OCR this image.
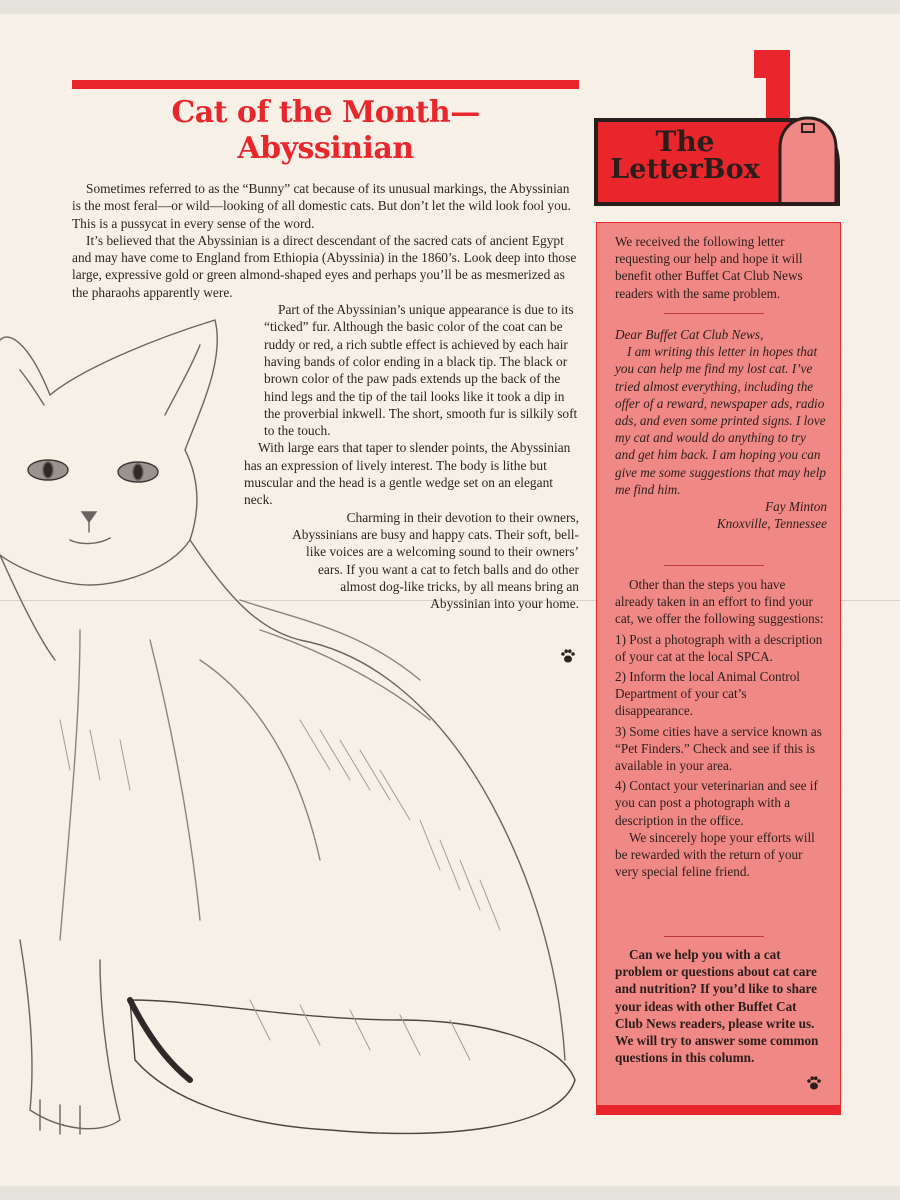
Cat of the Month—
Abyssinian

Sometimes referred to as the “Bunny” cat because of its unusual markings, the Abyssinian is the most feral—or wild—looking of all domestic cats. But don’t let the wild look fool you. This is a pussycat in every sense of the word.

It’s believed that the Abyssinian is a direct descendant of the sacred cats of ancient Egypt and may have come to England from Ethiopia (Abyssinia) in the 1860’s. Look deep into those large, expressive gold or green almond-shaped eyes and perhaps you’ll be as mesmerized as the pharaohs apparently were.

Part of the Abyssinian’s unique appearance is due to its “ticked” fur. Although the basic color of the coat can be ruddy or red, a rich subtle effect is achieved by each hair having bands of color ending in a black tip. The black or brown color of the paw pads extends up the back of the hind legs and the tip of the tail looks like it took a dip in the proverbial inkwell. The short, smooth fur is silkily soft to the touch.

With large ears that taper to slender points, the Abyssinian has an expression of lively interest. The body is lithe but muscular and the head is a gentle wedge set on an elegant neck.

Charming in their devotion to their owners, Abyssinians are busy and happy cats. Their soft, bell-like voices are a welcoming sound to their owners’ ears. If you want a cat to fetch balls and do other almost dog-like tricks, by all means bring an Abyssinian into your home.

The
LetterBox
We received the following letter requesting our help and hope it will benefit other Buffet Cat Club News readers with the same problem.

Dear Buffet Cat Club News,

I am writing this letter in hopes that you can help me find my lost cat. I’ve tried almost everything, including the offer of a reward, newspaper ads, radio ads, and even some printed signs. I love my cat and would do anything to try and get him back. I am hoping you can give me some suggestions that may help me find him.

Fay Minton

Knoxville, Tennessee

Other than the steps you have already taken in an effort to find your cat, we offer the following suggestions:

1) Post a photograph with a description of your cat at the local SPCA.

2) Inform the local Animal Control Department of your cat’s disappearance.

3) Some cities have a service known as “Pet Finders.” Check and see if this is available in your area.

4) Contact your veterinarian and see if you can post a photograph with a description in the office.

We sincerely hope your efforts will be rewarded with the return of your very special feline friend.

Can we help you with a cat problem or questions about cat care and nutrition? If you’d like to share your ideas with other Buffet Cat Club News readers, please write us. We will try to answer some common questions in this column.
